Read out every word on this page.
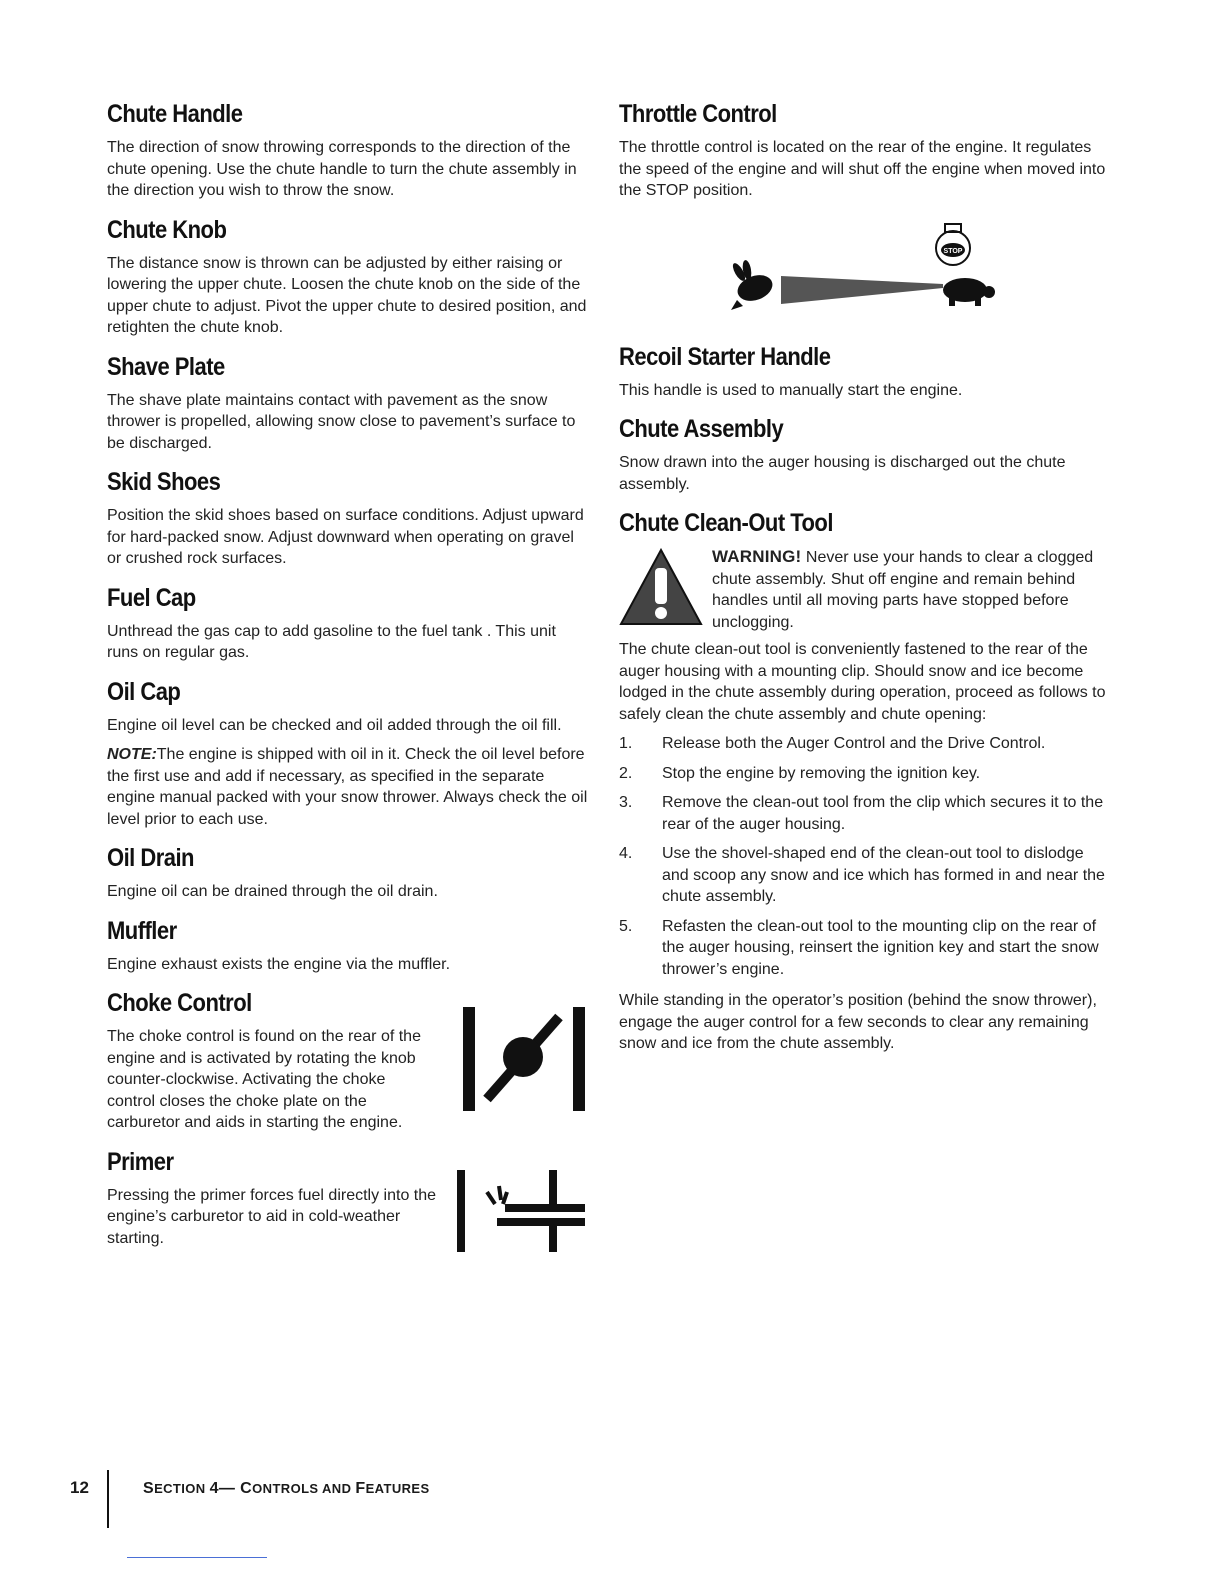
Chute Handle

The direction of snow throwing corresponds to the direction of the chute opening. Use the chute handle to turn the chute assembly in the direction you wish to throw the snow.

Chute Knob

The distance snow is thrown can be adjusted by either raising or lowering the upper chute. Loosen the chute knob on the side of the upper chute to adjust. Pivot the upper chute to desired position, and retighten the chute knob.

Shave Plate

The shave plate maintains contact with pavement as the snow thrower is propelled, allowing snow close to pavement’s surface to be discharged.

Skid Shoes

Position the skid shoes based on surface conditions. Adjust upward for hard-packed snow. Adjust downward when operating on gravel or crushed rock surfaces.

Fuel Cap

Unthread the gas cap to add gasoline to the fuel tank . This unit runs on regular gas.

Oil Cap

Engine oil level can be checked and oil added through the oil fill.

NOTE:The engine is shipped with oil in it. Check the oil level before the first use and add if necessary, as specified in the separate engine manual packed with your snow thrower. Always check the oil level prior to each use.

Oil Drain

Engine oil can be drained through the oil drain.

Muffler

Engine exhaust exists the engine via the muffler.

Choke Control

The choke control is found on the rear of the engine and is activated by rotating the knob counter-clockwise. Activating the choke control closes the choke plate on the carburetor and aids in starting the engine.

Primer

Pressing the primer forces fuel directly into the engine’s carburetor to aid in cold-weather starting.

Throttle Control

The throttle control is located on the rear of the engine. It regulates the speed of the engine and will shut off the engine when moved into the STOP position.

STOP
Recoil Starter Handle

This handle is used to manually start the engine.

Chute Assembly

Snow drawn into the auger housing is discharged out the chute assembly.

Chute Clean-Out Tool

WARNING! Never use your hands to clear a clogged chute assembly. Shut off engine and remain behind handles until all moving parts have stopped before unclogging.

The chute clean-out tool is conveniently fastened to the rear of the auger housing with a mounting clip. Should snow and ice become lodged in the chute assembly during operation, proceed as follows to safely clean the chute assembly and chute opening:

1. Release both the Auger Control and the Drive Control.
2. Stop the engine by removing the ignition key.
3. Remove the clean-out tool from the clip which secures it to the rear of the auger housing.
4. Use the shovel-shaped end of the clean-out tool to dislodge and scoop any snow and ice which has formed in and near the chute assembly.
5. Refasten the clean-out tool to the mounting clip on the rear of the auger housing, reinsert the ignition key and start the snow thrower’s engine.

While standing in the operator’s position (behind the snow thrower), engage the auger control for a few seconds to clear any remaining snow and ice from the chute assembly.

12	SECTION 4— CONTROLS AND FEATURES
